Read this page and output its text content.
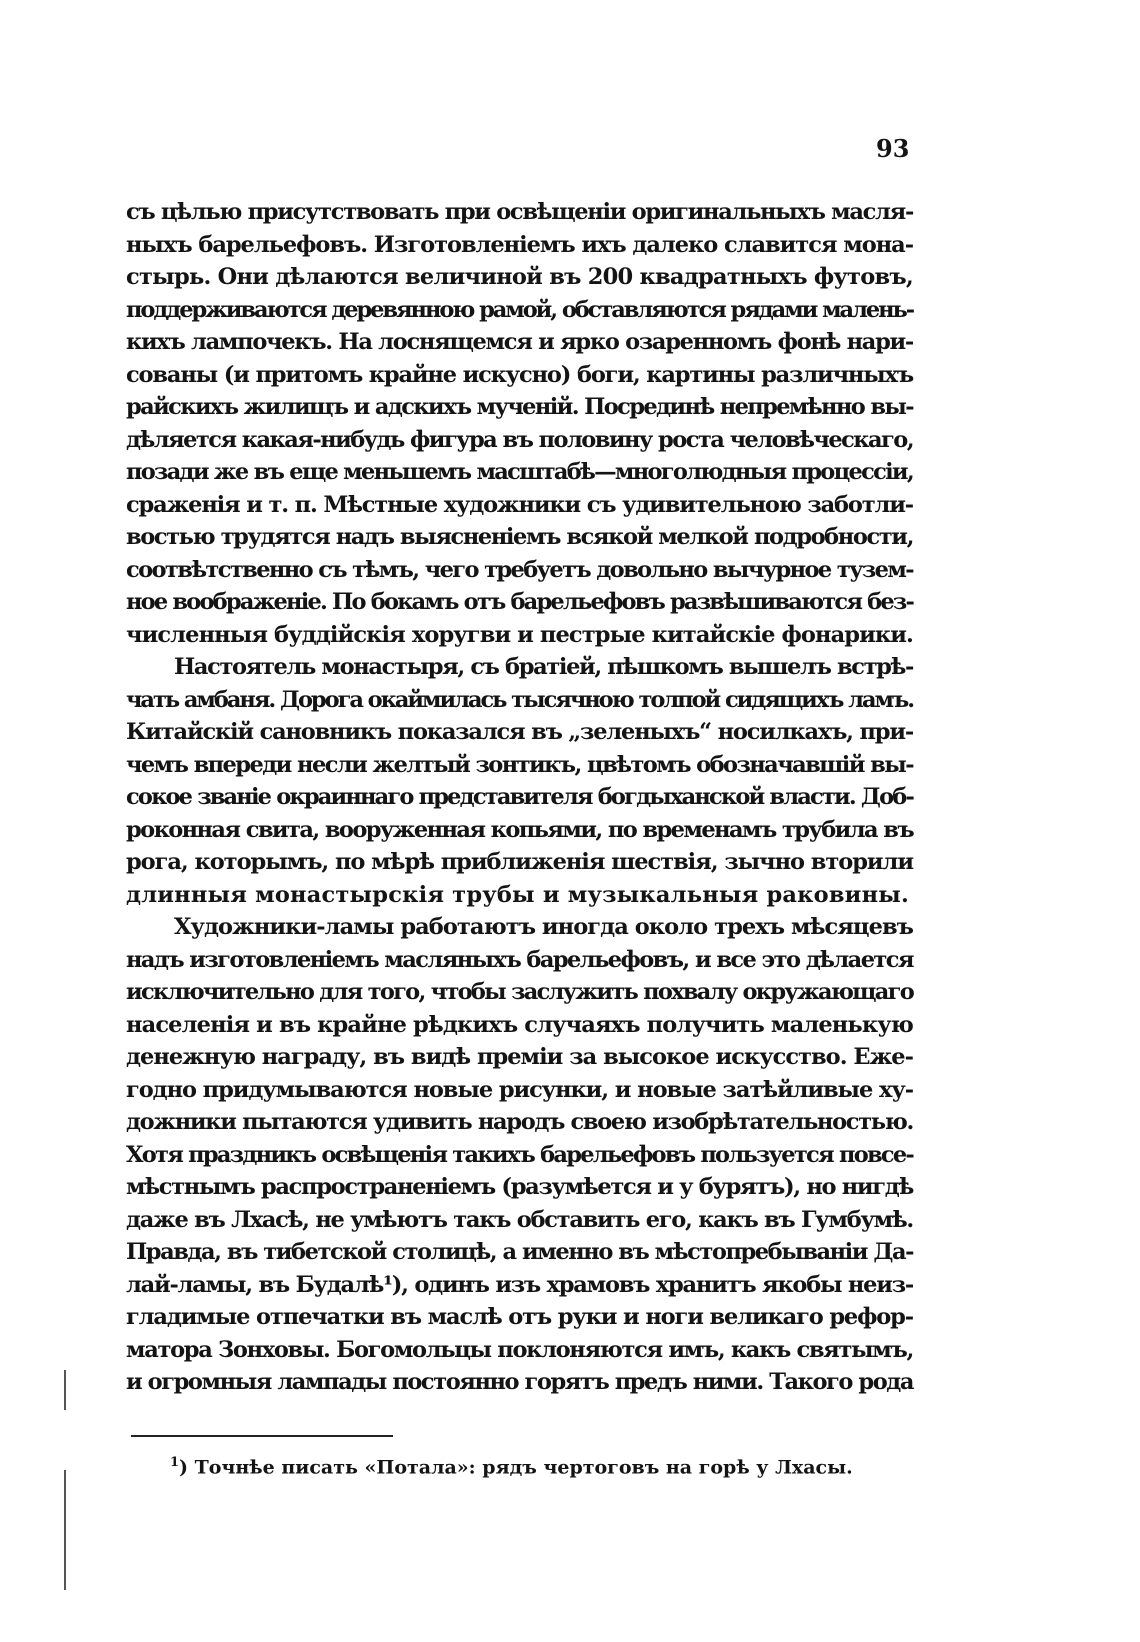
93
съ цѣлью присутствовать при освѣщеніи оригинальныхъ масля-
ныхъ барельефовъ. Изготовленіемъ ихъ далеко славится мона-
стырь. Они дѣлаются величиной въ 200 квадратныхъ футовъ,
поддерживаются деревянною рамой, обставляются рядами малень-
кихъ лампочекъ. На лоснящемся и ярко озаренномъ фонѣ нари-
сованы (и притомъ крайне искусно) боги, картины различныхъ
райскихъ жилищъ и адскихъ мученій. Посрединѣ непремѣнно вы-
дѣляется какая-нибудь фигура въ половину роста человѣческаго,
позади же въ еще меньшемъ масштабѣ—многолюдныя процессіи,
сраженія и т. п. Мѣстные художники съ удивительною заботли-
востью трудятся надъ выясненіемъ всякой мелкой подробности,
соотвѣтственно съ тѣмъ, чего требуетъ довольно вычурное тузем-
ное воображеніе. По бокамъ отъ барельефовъ развѣшиваются без-
численныя буддійскія хоругви и пестрые китайскіе фонарики.
Настоятель монастыря, съ братіей, пѣшкомъ вышелъ встрѣ-
чать амбаня. Дорога окаймилась тысячною толпой сидящихъ ламъ.
Китайскій сановникъ показался въ „зеленыхъ“ носилкахъ, при-
чемъ впереди несли желтый зонтикъ, цвѣтомъ обозначавшій вы-
сокое званіе окраиннаго представителя богдыханской власти. Доб-
роконная свита, вооруженная копьями, по временамъ трубила въ
рога, которымъ, по мѣрѣ приближенія шествія, зычно вторили
длинныя монастырскія трубы и музыкальныя раковины.
Художники-ламы работаютъ иногда около трехъ мѣсяцевъ
надъ изготовленіемъ масляныхъ барельефовъ, и все это дѣлается
исключительно для того, чтобы заслужить похвалу окружающаго
населенія и въ крайне рѣдкихъ случаяхъ получить маленькую
денежную награду, въ видѣ преміи за высокое искусство. Еже-
годно придумываются новые рисунки, и новые затѣйливые ху-
дожники пытаются удивить народъ своею изобрѣтательностью.
Хотя праздникъ освѣщенія такихъ барельефовъ пользуется повсе-
мѣстнымъ распространеніемъ (разумѣется и у бурятъ), но нигдѣ
даже въ Лхасѣ, не умѣютъ такъ обставить его, какъ въ Гумбумѣ.
Правда, въ тибетской столицѣ, а именно въ мѣстопребываніи Да-
лай-ламы, въ Будалѣ¹), одинъ изъ храмовъ хранитъ якобы неиз-
гладимые отпечатки въ маслѣ отъ руки и ноги великаго рефор-
матора Зонховы. Богомольцы поклоняются имъ, какъ святымъ,
и огромныя лампады постоянно горятъ предъ ними. Такого рода
$^1$) Точнѣе писать «Потала»: рядъ чертоговъ на горѣ у Лхасы.
